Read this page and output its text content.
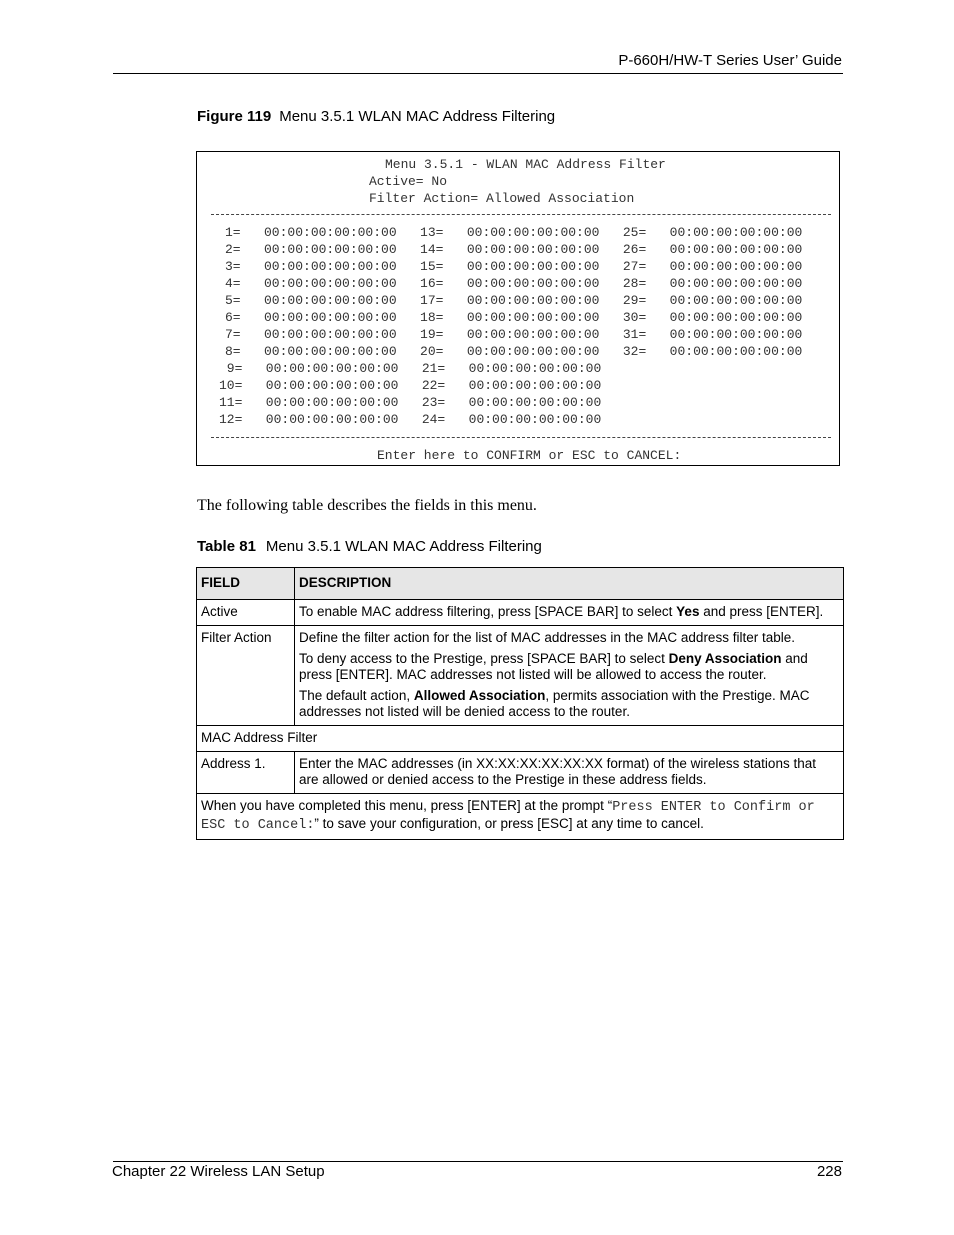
P-660H/HW-T Series User’ Guide
Figure 119 Menu 3.5.1 WLAN MAC Address Filtering
Menu 3.5.1 - WLAN MAC Address Filter
Active= No
Filter Action= Allowed Association
1=   00:00:00:00:00:00   13=   00:00:00:00:00:00   25=   00:00:00:00:00:00
2=   00:00:00:00:00:00   14=   00:00:00:00:00:00   26=   00:00:00:00:00:00
3=   00:00:00:00:00:00   15=   00:00:00:00:00:00   27=   00:00:00:00:00:00
4=   00:00:00:00:00:00   16=   00:00:00:00:00:00   28=   00:00:00:00:00:00
5=   00:00:00:00:00:00   17=   00:00:00:00:00:00   29=   00:00:00:00:00:00
6=   00:00:00:00:00:00   18=   00:00:00:00:00:00   30=   00:00:00:00:00:00
7=   00:00:00:00:00:00   19=   00:00:00:00:00:00   31=   00:00:00:00:00:00
8=   00:00:00:00:00:00   20=   00:00:00:00:00:00   32=   00:00:00:00:00:00
9=   00:00:00:00:00:00   21=   00:00:00:00:00:00
10=   00:00:00:00:00:00   22=   00:00:00:00:00:00
11=   00:00:00:00:00:00   23=   00:00:00:00:00:00
12=   00:00:00:00:00:00   24=   00:00:00:00:00:00
Enter here to CONFIRM or ESC to CANCEL:
The following table describes the fields in this menu.
Table 81 Menu 3.5.1 WLAN MAC Address Filtering
FIELD	DESCRIPTION
Active	To enable MAC address filtering, press [SPACE BAR] to select Yes and press [ENTER].
Filter Action	Define the filter action for the list of MAC addresses in the MAC address filter table.

To deny access to the Prestige, press [SPACE BAR] to select Deny Association and press [ENTER]. MAC addresses not listed will be allowed to access the router.

The default action, Allowed Association, permits association with the Prestige. MAC addresses not listed will be denied access to the router.

MAC Address Filter	
Address 1.	Enter the MAC addresses (in XX:XX:XX:XX:XX:XX format) of the wireless stations that are allowed or denied access to the Prestige in these address fields.
When you have completed this menu, press [ENTER] at the prompt “Press ENTER to Confirm or ESC to Cancel:” to save your configuration, or press [ESC] at any time to cancel.	
Chapter 22 Wireless LAN Setup	228
